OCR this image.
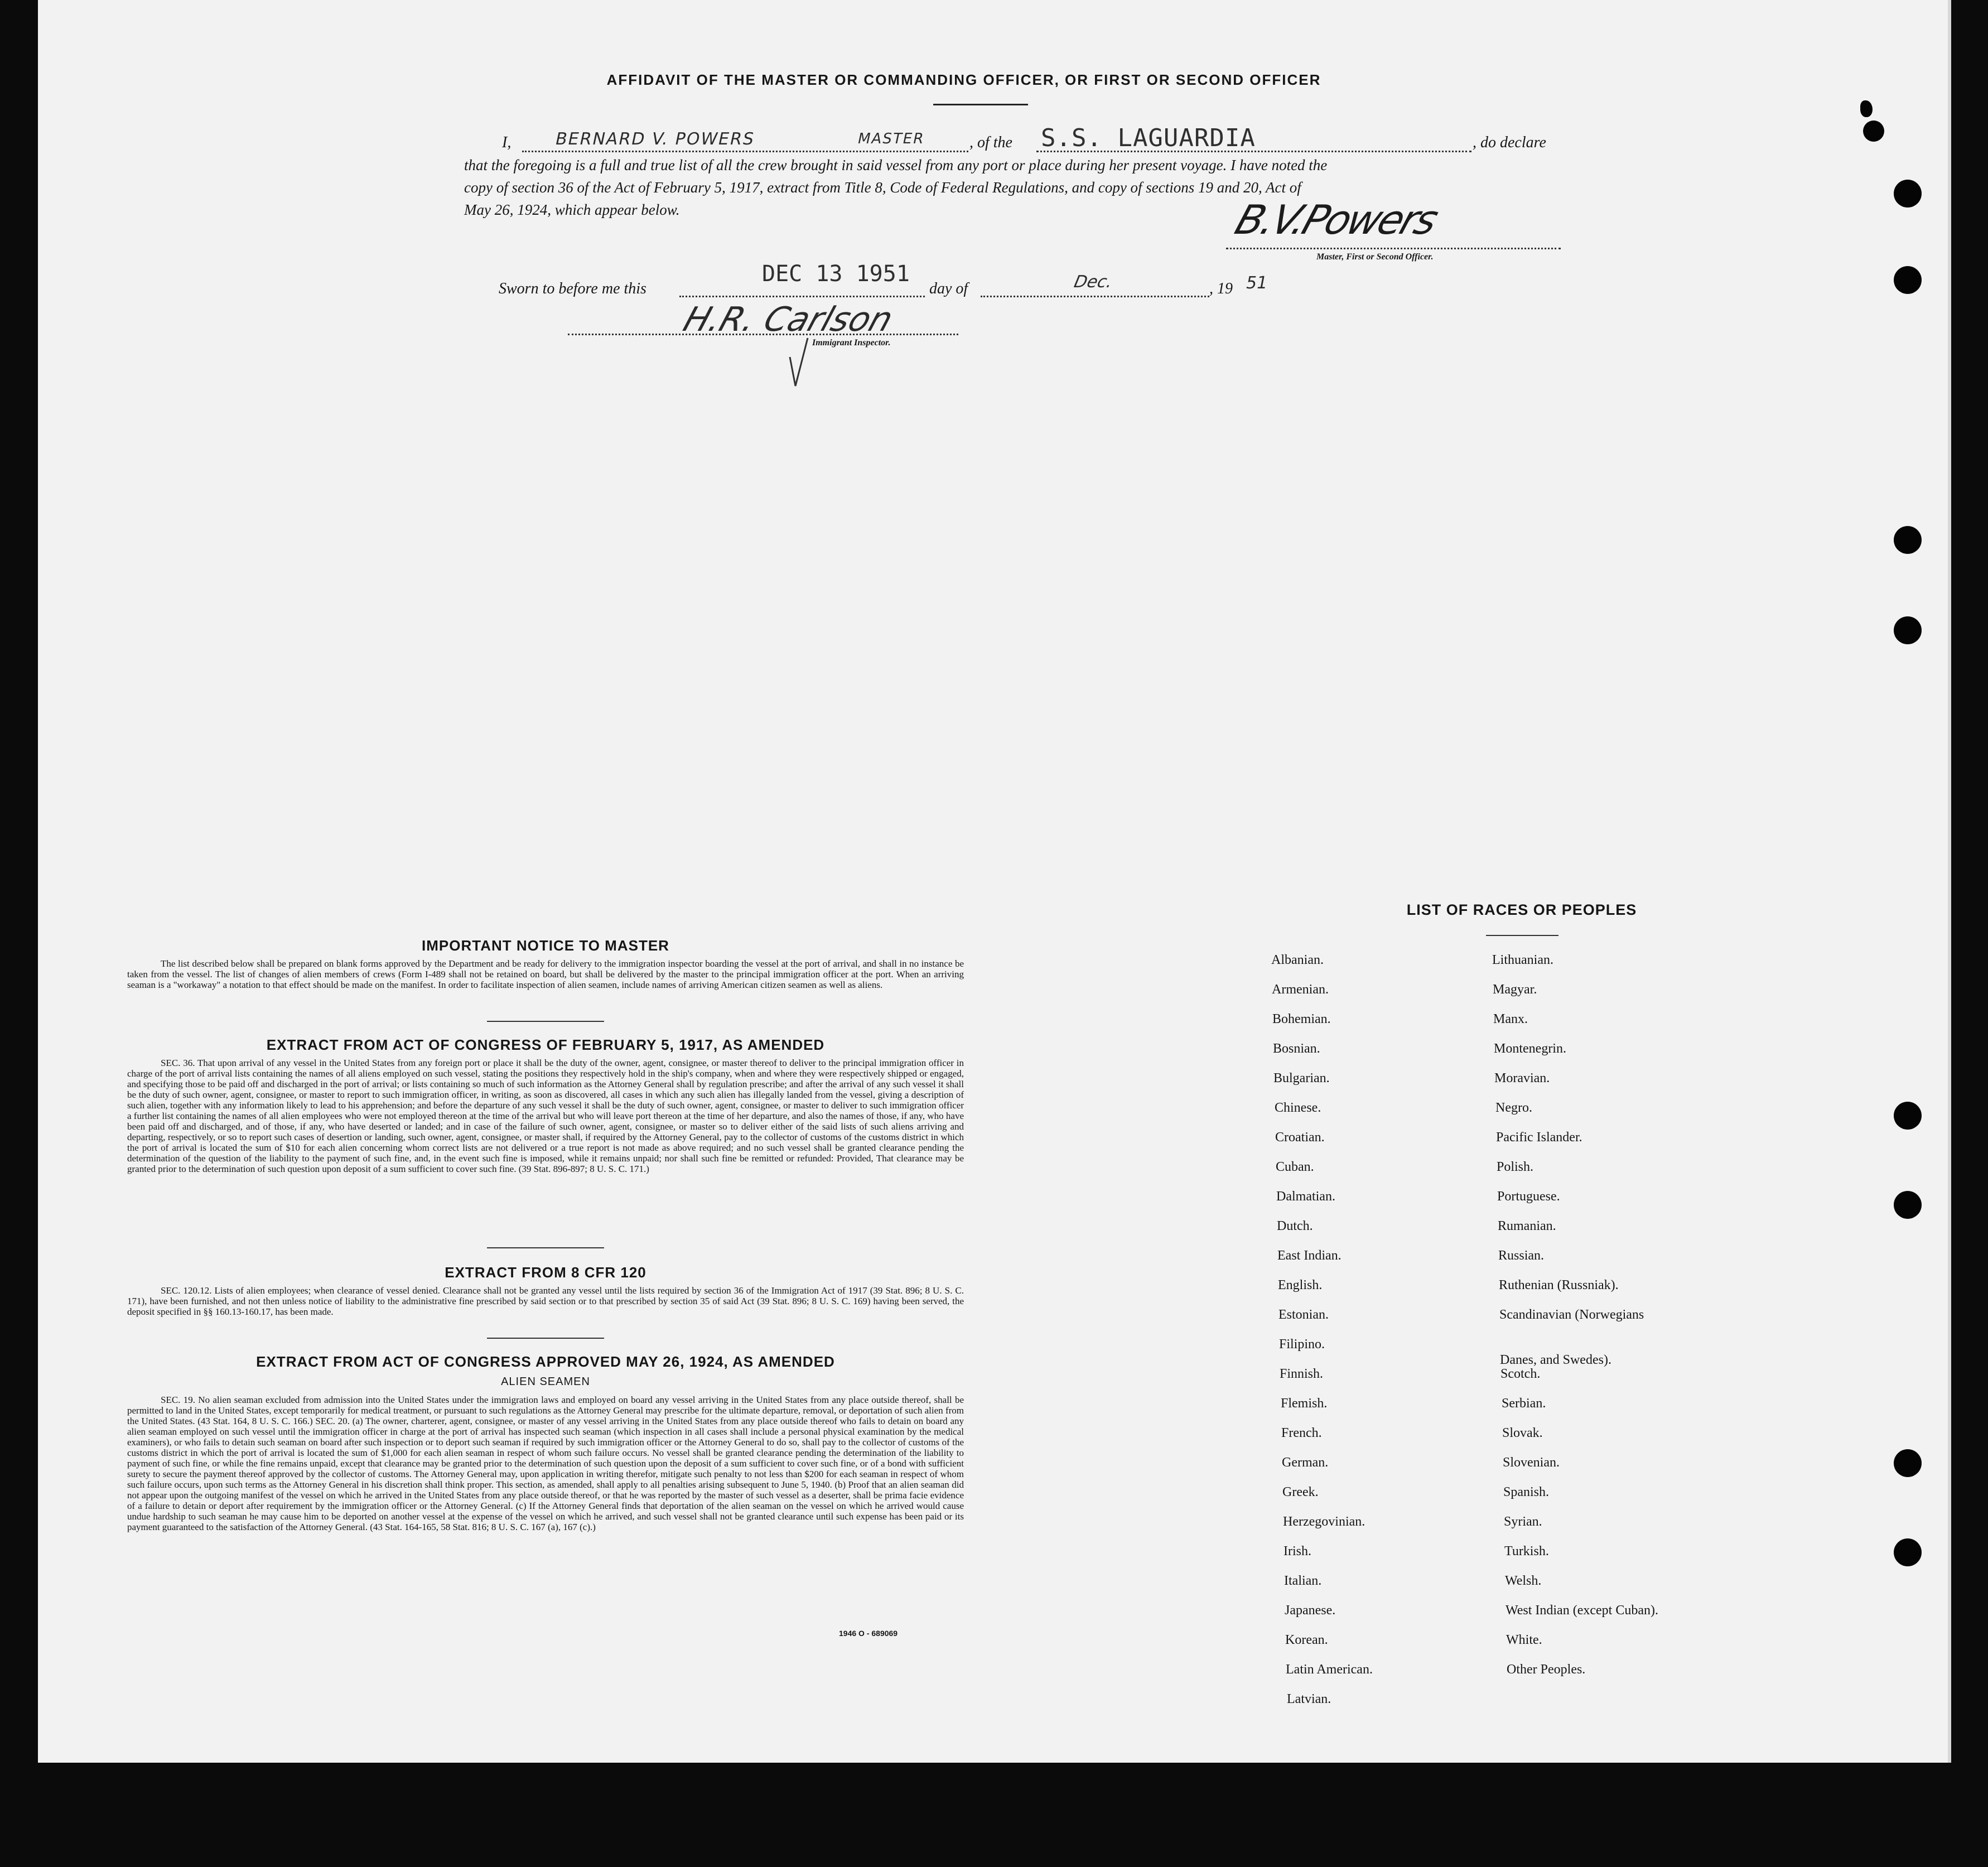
AFFIDAVIT OF THE MASTER OR COMMANDING OFFICER, OR FIRST OR SECOND OFFICER
I,	BERNARD V. POWERS	MASTER	, of the S.S. LAGUARDIA	, do declare
that the foregoing is a full and true list of all the crew brought in said vessel from any port or place during her present voyage. I have noted the
copy of section 36 of the Act of February 5, 1917, extract from Title 8, Code of Federal Regulations, and copy of sections 19 and 20, Act of
May 26, 1924, which appear below.	B.V.Powers
Master, First or Second Officer.
Sworn to before me this
DEC 13 1951
day of	Dec.	, 19 51
H.R. Carlson
Immigrant Inspector.
IMPORTANT NOTICE TO MASTER
The list described below shall be prepared on blank forms approved by the Department and be ready for delivery to the immigration inspector boarding the vessel at the port of arrival, and shall in no instance be taken from the vessel. The list of changes of alien members of crews (Form I-489 shall not be retained on board, but shall be delivered by the master to the principal immigration officer at the port. When an arriving seaman is a "workaway" a notation to that effect should be made on the manifest. In order to facilitate inspection of alien seamen, include names of arriving American citizen seamen as well as aliens.
EXTRACT FROM ACT OF CONGRESS OF FEBRUARY 5, 1917, AS AMENDED
SEC. 36. That upon arrival of any vessel in the United States from any foreign port or place it shall be the duty of the owner, agent, consignee, or master thereof to deliver to the principal immigration officer in charge of the port of arrival lists containing the names of all aliens employed on such vessel, stating the positions they respectively hold in the ship's company, when and where they were respectively shipped or engaged, and specifying those to be paid off and discharged in the port of arrival; or lists containing so much of such information as the Attorney General shall by regulation prescribe; and after the arrival of any such vessel it shall be the duty of such owner, agent, consignee, or master to report to such immigration officer, in writing, as soon as discovered, all cases in which any such alien has illegally landed from the vessel, giving a description of such alien, together with any information likely to lead to his apprehension; and before the departure of any such vessel it shall be the duty of such owner, agent, consignee, or master to deliver to such immigration officer a further list containing the names of all alien employees who were not employed thereon at the time of the arrival but who will leave port thereon at the time of her departure, and also the names of those, if any, who have been paid off and discharged, and of those, if any, who have deserted or landed; and in case of the failure of such owner, agent, consignee, or master so to deliver either of the said lists of such aliens arriving and departing, respectively, or so to report such cases of desertion or landing, such owner, agent, consignee, or master shall, if required by the Attorney General, pay to the collector of customs of the customs district in which the port of arrival is located the sum of $10 for each alien concerning whom correct lists are not delivered or a true report is not made as above required; and no such vessel shall be granted clearance pending the determination of the question of the liability to the payment of such fine, and, in the event such fine is imposed, while it remains unpaid; nor shall such fine be remitted or refunded: Provided, That clearance may be granted prior to the determination of such question upon deposit of a sum sufficient to cover such fine. (39 Stat. 896-897; 8 U. S. C. 171.)
EXTRACT FROM 8 CFR 120
SEC. 120.12. Lists of alien employees; when clearance of vessel denied. Clearance shall not be granted any vessel until the lists required by section 36 of the Immigration Act of 1917 (39 Stat. 896; 8 U. S. C. 171), have been furnished, and not then unless notice of liability to the administrative fine prescribed by said section or to that prescribed by section 35 of said Act (39 Stat. 896; 8 U. S. C. 169) having been served, the deposit specified in §§ 160.13-160.17, has been made.
EXTRACT FROM ACT OF CONGRESS APPROVED MAY 26, 1924, AS AMENDED
ALIEN SEAMEN
SEC. 19. No alien seaman excluded from admission into the United States under the immigration laws and employed on board any vessel arriving in the United States from any place outside thereof, shall be permitted to land in the United States, except temporarily for medical treatment, or pursuant to such regulations as the Attorney General may prescribe for the ultimate departure, removal, or deportation of such alien from the United States. (43 Stat. 164, 8 U. S. C. 166.) SEC. 20. (a) The owner, charterer, agent, consignee, or master of any vessel arriving in the United States from any place outside thereof who fails to detain on board any alien seaman employed on such vessel until the immigration officer in charge at the port of arrival has inspected such seaman (which inspection in all cases shall include a personal physical examination by the medical examiners), or who fails to detain such seaman on board after such inspection or to deport such seaman if required by such immigration officer or the Attorney General to do so, shall pay to the collector of customs of the customs district in which the port of arrival is located the sum of $1,000 for each alien seaman in respect of whom such failure occurs. No vessel shall be granted clearance pending the determination of the liability to payment of such fine, or while the fine remains unpaid, except that clearance may be granted prior to the determination of such question upon the deposit of a sum sufficient to cover such fine, or of a bond with sufficient surety to secure the payment thereof approved by the collector of customs. The Attorney General may, upon application in writing therefor, mitigate such penalty to not less than $200 for each seaman in respect of whom such failure occurs, upon such terms as the Attorney General in his discretion shall think proper. This section, as amended, shall apply to all penalties arising subsequent to June 5, 1940. (b) Proof that an alien seaman did not appear upon the outgoing manifest of the vessel on which he arrived in the United States from any place outside thereof, or that he was reported by the master of such vessel as a deserter, shall be prima facie evidence of a failure to detain or deport after requirement by the immigration officer or the Attorney General. (c) If the Attorney General finds that deportation of the alien seaman on the vessel on which he arrived would cause undue hardship to such seaman he may cause him to be deported on another vessel at the expense of the vessel on which he arrived, and such vessel shall not be granted clearance until such expense has been paid or its payment guaranteed to the satisfaction of the Attorney General. (43 Stat. 164-165, 58 Stat. 816; 8 U. S. C. 167 (a), 167 (c).)
1946 O - 689069
LIST OF RACES OR PEOPLES
Albanian.
Armenian.
Bohemian.
Bosnian.
Bulgarian.
Chinese.
Croatian.
Cuban.
Dalmatian.
Dutch.
East Indian.
English.
Estonian.
Filipino.
Finnish.
Flemish.
French.
German.
Greek.
Herzegovinian.
Irish.
Italian.
Japanese.
Korean.
Latin American.
Latvian.
Lithuanian.
Magyar.
Manx.
Montenegrin.
Moravian.
Negro.
Pacific Islander.
Polish.
Portuguese.
Rumanian.
Russian.
Ruthenian (Russniak).
Scandinavian (Norwegians
Danes, and Swedes).
Scotch.
Serbian.
Slovak.
Slovenian.
Spanish.
Syrian.
Turkish.
Welsh.
West Indian (except Cuban).
White.
Other Peoples.
